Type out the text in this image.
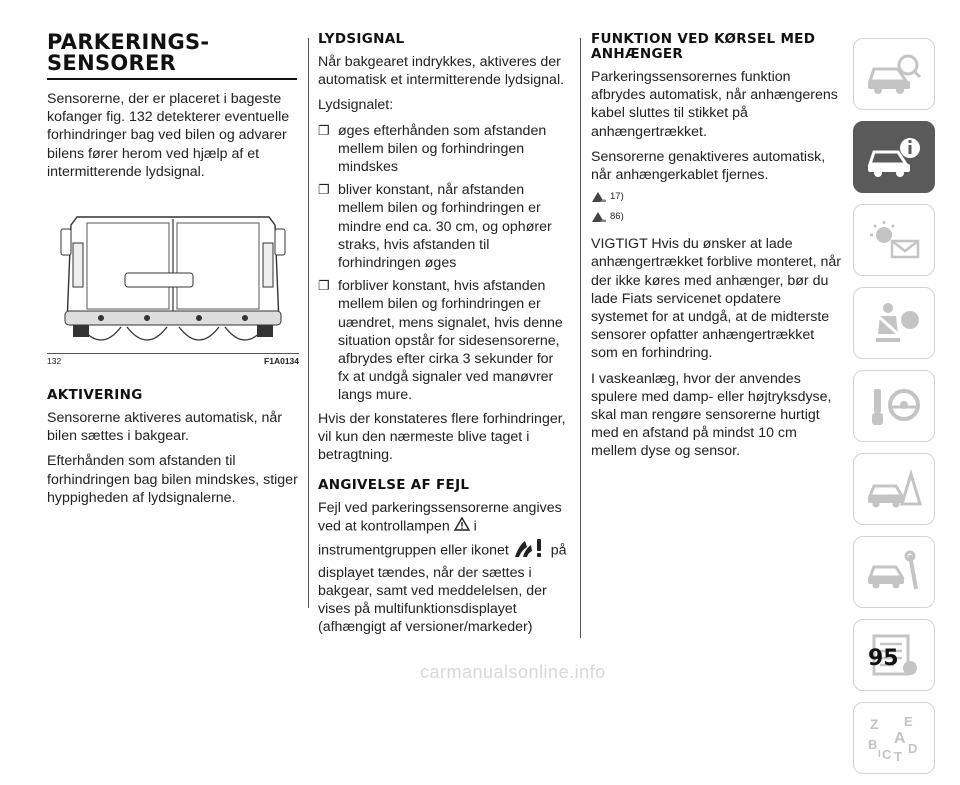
PARKERINGS-
SENSORER

Sensorerne, der er placeret i bageste kofanger fig. 132 detekterer eventuelle forhindringer bag ved bilen og advarer bilens fører herom ved hjælp af et intermitterende lydsignal.

132	F1A0134
AKTIVERING

Sensorerne aktiveres automatisk, når bilen sættes i bakgear.

Efterhånden som afstanden til forhindringen bag bilen mindskes, stiger hyppigheden af lydsignalerne.

LYDSIGNAL

Når bakgearet indrykkes, aktiveres der automatisk et intermitterende lydsignal.

Lydsignalet:

❐ øges efterhånden som afstanden mellem bilen og forhindringen mindskes
❐ bliver konstant, når afstanden mellem bilen og forhindringen er mindre end ca. 30 cm, og ophører straks, hvis afstanden til forhindringen øges
❐ forbliver konstant, hvis afstanden mellem bilen og forhindringen er uændret, mens signalet, hvis denne situation opstår for sidesensorerne, afbrydes efter cirka 3 sekunder for fx at undgå signaler ved manøvrer langs mure.

Hvis der konstateres flere forhindringer, vil kun den nærmeste blive taget i betragtning.

ANGIVELSE AF FEJL

Fejl ved parkeringssensorerne angives ved at kontrollampen i instrumentgruppen eller ikonet	på displayet tændes, når der sættes i bakgear, samt ved meddelelsen, der vises på multifunktionsdisplayet (afhængigt af versioner/markeder)

FUNKTION VED KØRSEL MED ANHÆNGER

Parkeringssensorernes funktion afbrydes automatisk, når anhængerens kabel sluttes til stikket på anhængertrækket.

Sensorerne genaktiveres automatisk, når anhængerkablet fjernes.

17)
86)

VIGTIGT Hvis du ønsker at lade anhængertrækket forblive monteret, når der ikke køres med anhænger, bør du lade Fiats servicenet opdatere systemet for at undgå, at de midterste sensorer opfatter anhængertrækket som en forhindring.

I vaskeanlæg, hvor der anvendes spulere med damp- eller højtryksdyse, skal man rengøre sensorerne hurtigt med en afstand på mindst 10 cm mellem dyse og sensor.

Z E
A
B
C T
D
I
95
carmanualsonline.info
